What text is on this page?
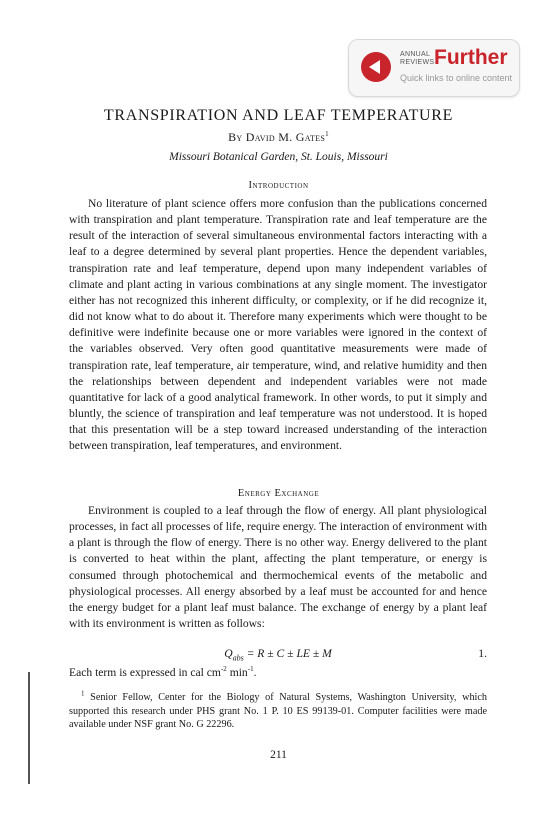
ANNUAL
REVIEWS Further
Quick links to online content
TRANSPIRATION AND LEAF TEMPERATURE
By David M. Gates$^1$
Missouri Botanical Garden, St. Louis, Missouri
Introduction

No literature of plant science offers more confusion than the publications concerned with transpiration and plant temperature. Transpiration rate and leaf temperature are the result of the interaction of several simultaneous environmental factors interacting with a leaf to a degree determined by several plant properties. Hence the dependent variables, transpiration rate and leaf temperature, depend upon many independent variables of climate and plant acting in various combinations at any single moment. The investigator either has not recognized this inherent difficulty, or complexity, or if he did recognize it, did not know what to do about it. Therefore many experiments which were thought to be definitive were indefinite because one or more variables were ignored in the context of the variables observed. Very often good quantitative measurements were made of transpiration rate, leaf temperature, air temperature, wind, and relative humidity and then the relationships between dependent and independent variables were not made quantitative for lack of a good analytical framework. In other words, to put it simply and bluntly, the science of transpiration and leaf temperature was not understood. It is hoped that this presentation will be a step toward increased understanding of the interaction between transpiration, leaf temperatures, and environment.

Energy Exchange

Environment is coupled to a leaf through the flow of energy. All plant physiological processes, in fact all processes of life, require energy. The interaction of environment with a plant is through the flow of energy. There is no other way. Energy delivered to the plant is converted to heat within the plant, affecting the plant temperature, or energy is consumed through photochemical and thermochemical events of the metabolic and physiological processes. All energy absorbed by a leaf must be accounted for and hence the energy budget for a plant leaf must balance. The exchange of energy by a plant leaf with its environment is written as follows:

$Q_{abs} = R \pm C$ ± LE ± M	1.
Each term is expressed in cal $cm^{-2}$ $\min^{-1}$.

$^1$ Senior Fellow, Center for the Biology of Natural Systems, Washington University, which supported this research under PHS grant No. 1 P. 10 ES 99139-01. Computer facilities were made available under NSF grant No. G 22296.

211
